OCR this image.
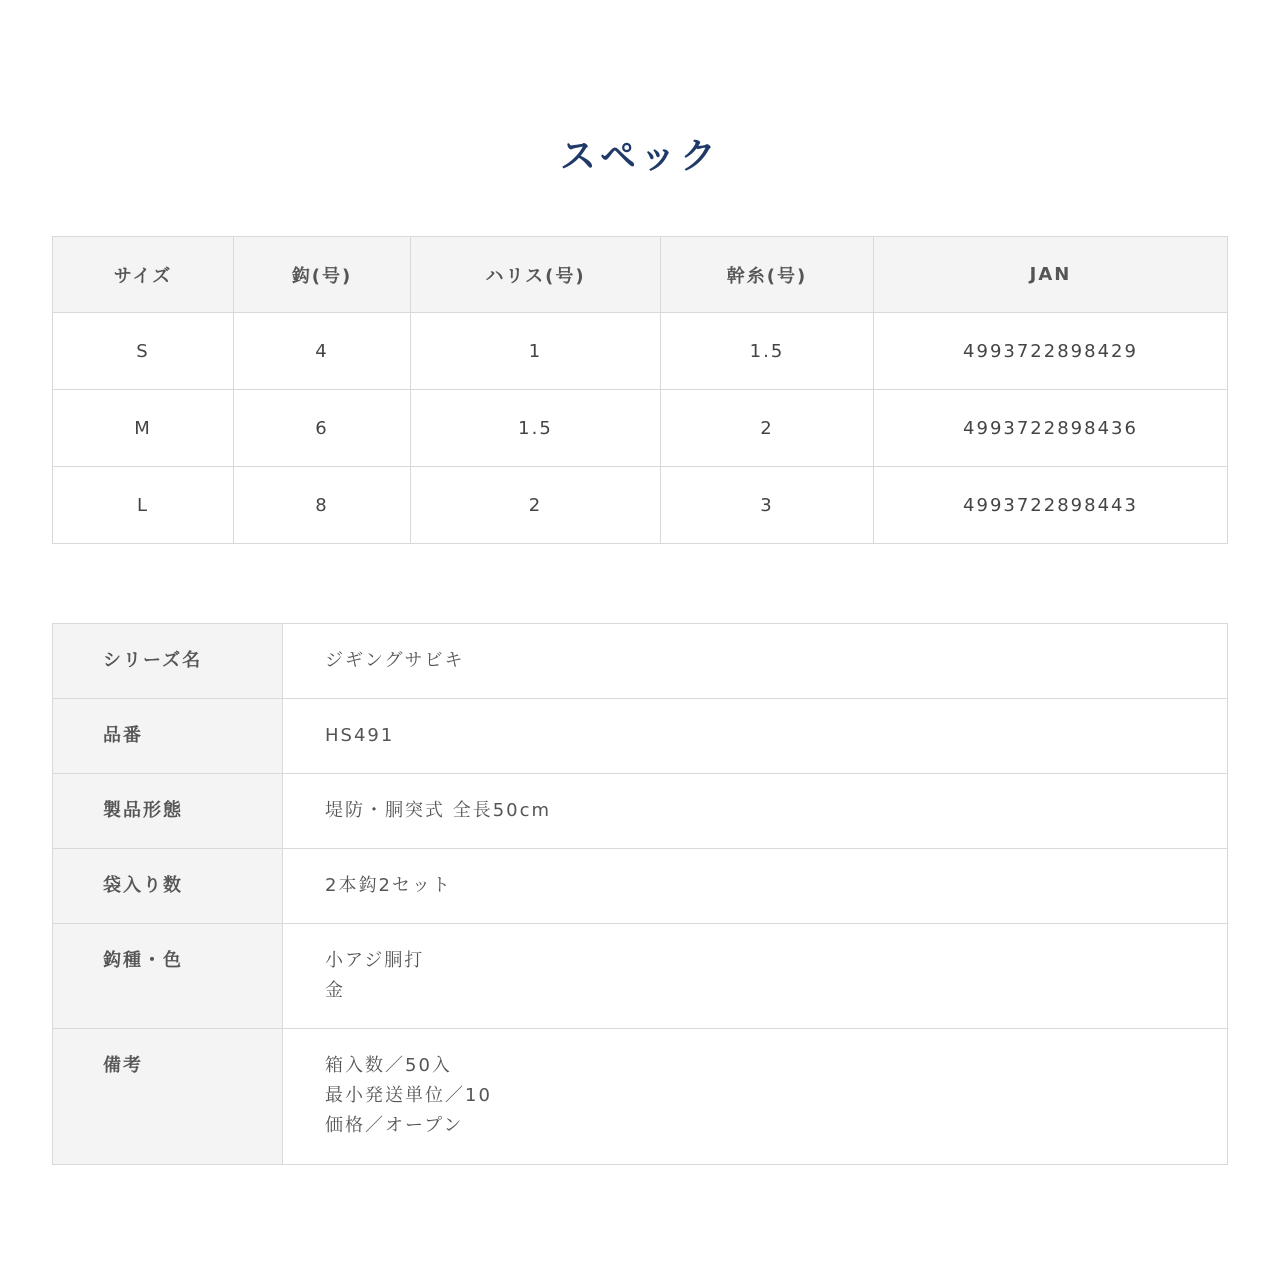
スペック
サイズ	鈎(号)	ハリス(号)	幹糸(号)	JAN
S	4	1	1.5	4993722898429
M	6	1.5	2	4993722898436
L	8	2	3	4993722898443
シリーズ名	ジギングサビキ
品番	HS491
製品形態	堤防・胴突式 全長50cm
袋入り数	2本鈎2セット
鈎種・色	小アジ胴打
金

備考	箱入数／50入
最小発送単位／10
価格／オープン
